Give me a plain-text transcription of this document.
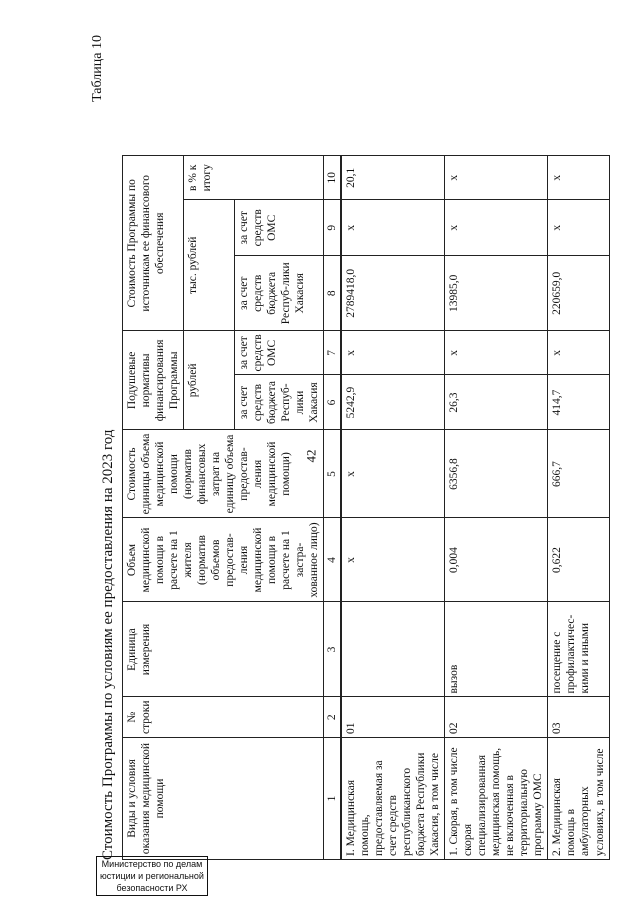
42
Таблица 10
Стоимость Программы по условиям ее предоставления на 2023 год Виды и условия оказания медицинской помощи	№ строки	Единица измерения	Объем медицинской помощи в расчете на 1 жителя (норматив объемов предостав-ления медицинской помощи в расчете на 1 застра-хованное лицо)	Стоимость единицы объема медицинской помощи (норматив финансовых затрат на единицу объема предостав-ления медицинской помощи)	Подушевые нормативы финансирования Программы		Стоимость Программы по источникам ее финансового обеспечения		
					рублей		тыс. рублей		в % к итогу
					за счет средств бюджета Респуб-лики Хакасия	за счет средств ОМС	за счет средств бюджета Респуб-лики Хакасия	за счет средств ОМС	
1	2	3	4	5	6	7	8	9	10
I. Медицинская помощь, предоставляемая за счет средств республиканского бюджета Республики Хакасия, в том числе	01		x	x	5242,9	x	2789418,0	x	20,1
1. Скорая, в том числе скорая специализированная медицинская помощь, не включенная в территориальную программу ОМС	02	вызов	0,004	6356,8	26,3	x	13985,0	x	x
2. Медицинская помощь в амбулаторных условиях, в том числе	03	посещение с профилактичес-кими и иными	0,622	666,7	414,7	x	220659,0	x	x
Министерство по делам
юстиции и региональной
безопасности РХ
